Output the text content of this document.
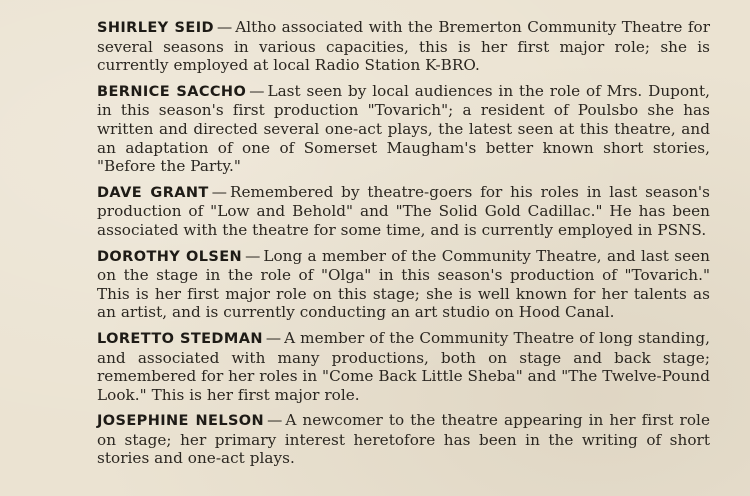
SHIRLEY SEID — Altho associated with the Bremerton Community Theatre for several seasons in various capacities, this is her first major role; she is currently employed at local Radio Station K-BRO.

BERNICE SACCHO — Last seen by local audiences in the role of Mrs. Dupont, in this season's first production "Tovarich"; a resident of Poulsbo she has written and directed several one-act plays, the latest seen at this theatre, and an adaptation of one of Somerset Maugham's better known short stories, "Before the Party."

DAVE GRANT — Remembered by theatre-goers for his roles in last season's production of "Low and Behold" and "The Solid Gold Cadillac." He has been associated with the theatre for some time, and is currently employed in PSNS.

DOROTHY OLSEN — Long a member of the Community Theatre, and last seen on the stage in the role of "Olga" in this season's production of "Tovarich." This is her first major role on this stage; she is well known for her talents as an artist, and is currently conducting an art studio on Hood Canal.

LORETTO STEDMAN — A member of the Community Theatre of long standing, and associated with many productions, both on stage and back stage; remembered for her roles in "Come Back Little Sheba" and "The Twelve-Pound Look." This is her first major role.

JOSEPHINE NELSON — A newcomer to the theatre appearing in her first role on stage; her primary interest heretofore has been in the writing of short stories and one-act plays.
